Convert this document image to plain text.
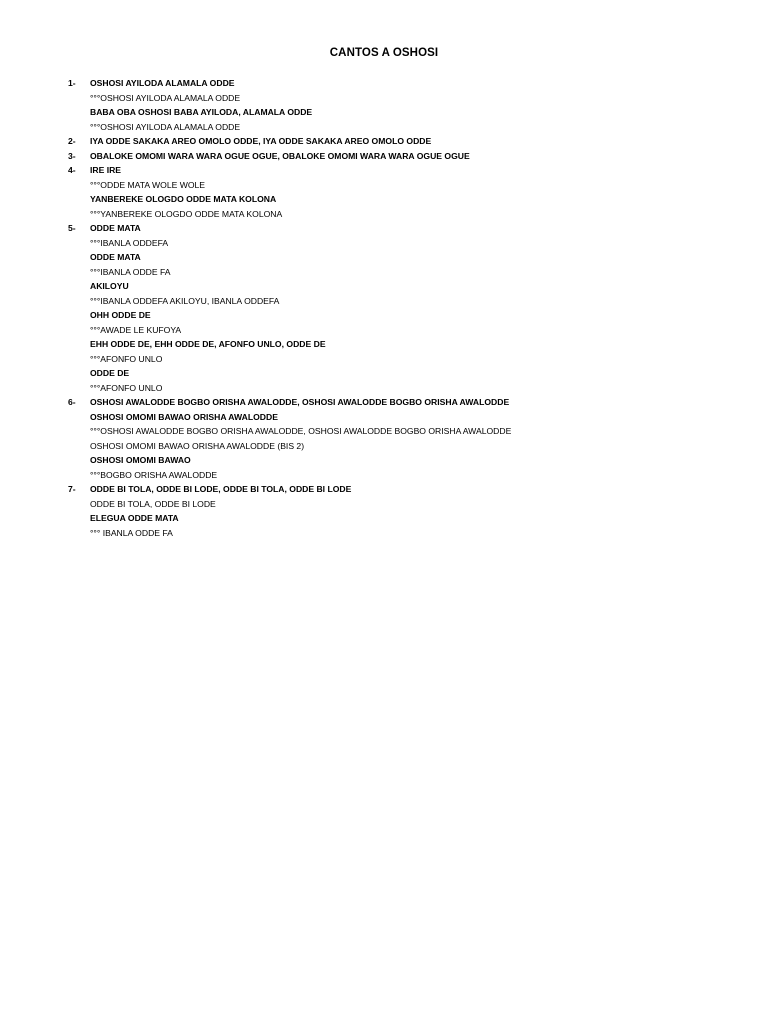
CANTOS A OSHOSI
1- OSHOSI AYILODA ALAMALA ODDE
°°°OSHOSI AYILODA ALAMALA ODDE
BABA OBA OSHOSI BABA AYILODA, ALAMALA ODDE
°°°OSHOSI AYILODA ALAMALA ODDE
2- IYA ODDE SAKAKA AREO OMOLO ODDE, IYA ODDE SAKAKA AREO OMOLO ODDE
3- OBALOKE OMOMI WARA WARA OGUE OGUE, OBALOKE OMOMI WARA WARA OGUE OGUE
4- IRE IRE
°°°ODDE MATA WOLE WOLE
YANBEREKE OLOGDO ODDE MATA KOLONA
°°°YANBEREKE OLOGDO ODDE MATA KOLONA
5- ODDE MATA
°°°IBANLA ODDEFA
ODDE MATA
°°°IBANLA ODDE FA
AKILOYU
°°°IBANLA ODDEFA AKILOYU, IBANLA ODDEFA
OHH ODDE DE
°°°AWADE LE KUFOYA
EHH ODDE DE, EHH ODDE DE, AFONFO UNLO, ODDE DE
°°°AFONFO UNLO
ODDE DE
°°°AFONFO UNLO
6- OSHOSI AWALODDE BOGBO ORISHA AWALODDE, OSHOSI AWALODDE BOGBO ORISHA AWALODDE
OSHOSI OMOMI BAWAO ORISHA AWALODDE
°°°OSHOSI AWALODDE BOGBO ORISHA AWALODDE, OSHOSI AWALODDE BOGBO ORISHA AWALODDE
OSHOSI OMOMI BAWAO ORISHA AWALODDE (BIS 2)
OSHOSI OMOMI BAWAO
°°°BOGBO ORISHA AWALODDE
7- ODDE BI TOLA, ODDE BI LODE, ODDE BI TOLA, ODDE BI LODE
ODDE BI TOLA, ODDE BI LODE
ELEGUA ODDE MATA
°°° IBANLA ODDE FA
